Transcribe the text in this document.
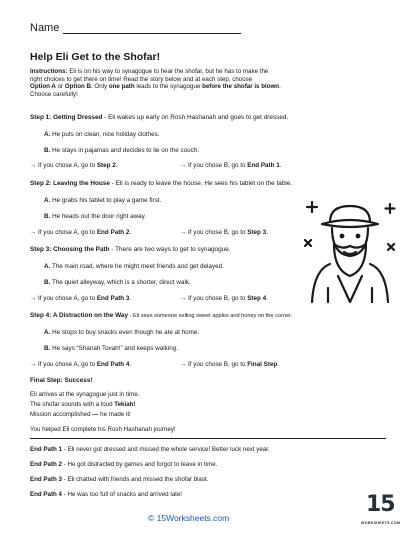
Name
Help Eli Get to the Shofar!
Instructions: Eli is on his way to synagogue to hear the shofar, but he has to make the
right choices to get there on time! Read the story below and at each step, choose
Option A or Option B. Only one path leads to the synagogue before the shofar is blown.
Choose carefully!
Step 1: Getting Dressed - Eli wakes up early on Rosh Hashanah and goes to get dressed.
A. He puts on clean, nice holiday clothes.
B. He stays in pajamas and decides to lie on the couch.
→ If you chose A, go to Step 2.	→ If you chose B, go to End Path 1.
Step 2: Leaving the House - Eli is ready to leave the house. He sees his tablet on the table.
A. He grabs his tablet to play a game first.
B. He heads out the door right away.
→ If you chose A, go to End Path 2.	→ If you chose B, go to Step 3.
Step 3: Choosing the Path - There are two ways to get to synagogue.
A. The main road, where he might meet friends and get delayed.
B. The quiet alleyway, which is a shorter, direct walk.
→ If you chose A, go to End Path 3.	→ If you chose B, go to Step 4.
Step 4: A Distraction on the Way - Eli sees someone selling sweet apples and honey on the corner.
A. He stops to buy snacks even though he ate at home.
B. He says “Shanah Tovah!” and keeps walking.
→ If you chose A, go to End Path 4.	→ If you chose B, go to Final Step.
Final Step: Success!
Eli arrives at the synagogue just in time.
The shofar sounds with a loud Tekiah!
Mission accomplished — he made it!
You helped Eli complete his Rosh Hashanah journey!
End Path 1 - Eli never got dressed and missed the whole service! Better luck next year.
End Path 2 - He got distracted by games and forgot to leave in time.
End Path 3 - Eli chatted with friends and missed the shofar blast.
End Path 4 - He was too full of snacks and arrived late!
© 15Worksheets.com
15
WORKSHEETS.COM
